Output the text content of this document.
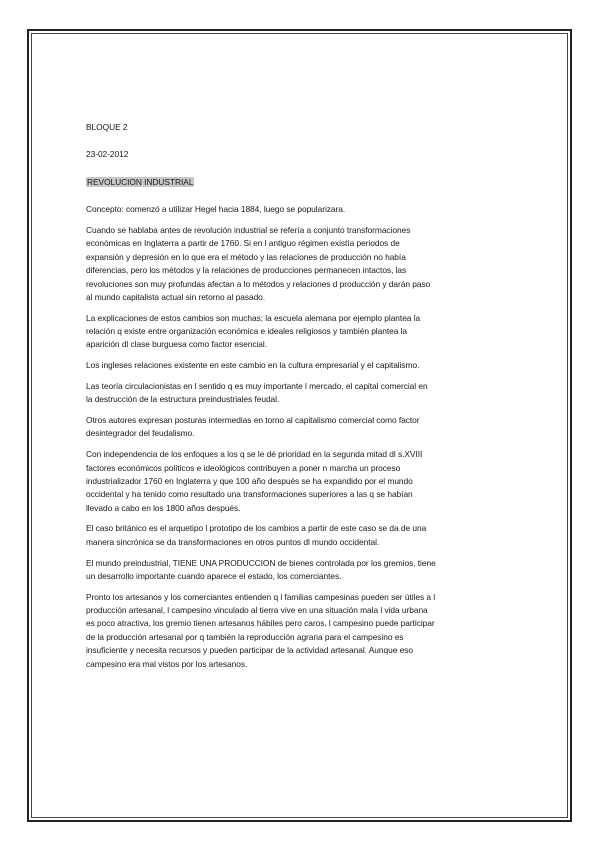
BLOQUE 2
23-02-2012
REVOLUCION INDUSTRIAL
Concepto: comenzó a utilizar Hegel hacia 1884, luego se popularizara.
Cuando se hablaba antes de revolución industrial se refería a conjunto transformaciones
económicas en Inglaterra a partir de 1760. Si en l antiguo régimen existía periodos de
expansión y depresión en lo que era el método y las relaciones de producción no había
diferencias, pero los métodos y la relaciones de producciones permanecen intactos, las
revoluciones son muy profundas afectan a lo métodos y relaciones d producción y darán paso
al mundo capitalista actual sin retorno al pasado.
La explicaciones de estos cambios son muchas; la escuela alemana por ejemplo plantea la
relación q existe entre organización económica e ideales religiosos y también plantea la
aparición dl clase burguesa como factor esencial.
Los ingleses relaciones existente en este cambio en la cultura empresarial y el capitalismo.
Las teoría circulacionistas en l sentido q es muy importante l mercado, el capital comercial en
la destrucción de la estructura preindustriales feudal.
Otros autores expresan posturas intermedias en torno al capitalismo comercial como factor
desintegrador del feudalismo.
Con independencia de los enfoques a los q se le dé prioridad en la segunda mitad dl s.XVIII
factores económicos políticos e ideológicos contribuyen a poner n marcha un proceso
industrializador 1760 en Inglaterra y que 100 año después se ha expandido por el mundo
occidental y ha tenido como resultado una transformaciones superiores a las q se habían
llevado a cabo en los 1800 años después.
El caso británico es el arquetipo l prototipo de los cambios a partir de este caso se da de una
manera sincrónica se da transformaciones en otros puntos dl mundo occidental.
El mundo preindustrial, TIENE UNA PRODUCCION de bienes controlada por los gremios, tiene
un desarrollo importante cuando aparece el estado, los comerciantes.
Pronto los artesanos y los comerciantes entienden q l familias campesinas pueden ser útiles a l
producción artesanal, l campesino vinculado al tierra vive en una situación mala l vida urbana
es poco atractiva, los gremio tienen artesanos hábiles pero caros, l campesino puede participar
de la producción artesanal por q también la reproducción agraria para el campesino es
insuficiente y necesita recursos y pueden participar de la actividad artesanal. Aunque eso
campesino era mal vistos por los artesanos.
